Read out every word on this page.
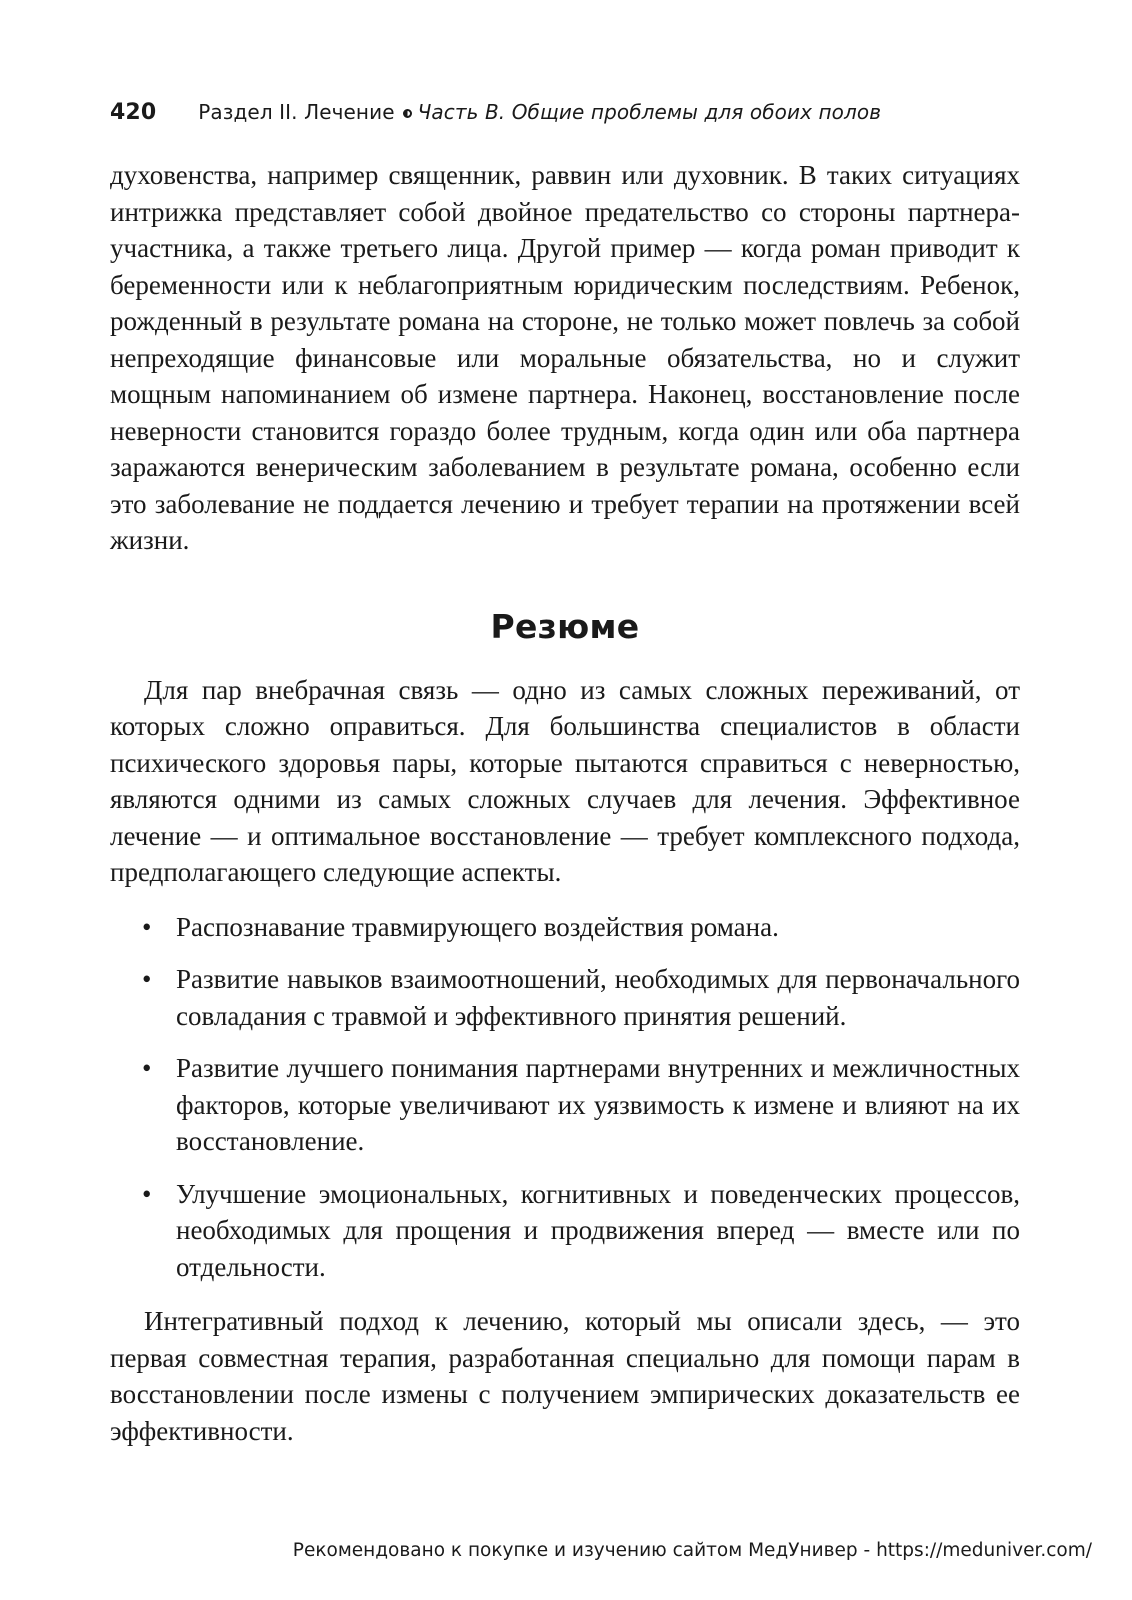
420 Раздел II. Лечение Часть В. Общие проблемы для обоих полов

духовенства, например священник, раввин или духовник. В таких ситуациях интрижка представляет собой двойное предательство со стороны партнера-участника, а также третьего лица. Другой пример — когда роман приводит к беременности или к неблагоприятным юридическим последствиям. Ребенок, рожденный в результате романа на стороне, не только может повлечь за собой непреходящие финансовые или моральные обязательства, но и служит мощным напоминанием об измене партнера. Наконец, восстановление после неверности становится гораздо более трудным, когда один или оба партнера заражаются венерическим заболеванием в результате романа, особенно если это заболевание не поддается лечению и требует терапии на протяжении всей жизни.

Резюме

Для пар внебрачная связь — одно из самых сложных переживаний, от которых сложно оправиться. Для большинства специалистов в области психического здоровья пары, которые пытаются справиться с неверностью, являются одними из самых сложных случаев для лечения. Эффективное лечение — и оптимальное восстановление — требует комплексного подхода, предполагающего следующие аспекты.

• Распознавание травмирующего воздействия романа.
• Развитие навыков взаимоотношений, необходимых для первоначального совладания с травмой и эффективного принятия решений.
• Развитие лучшего понимания партнерами внутренних и межличностных факторов, которые увеличивают их уязвимость к измене и влияют на их восстановление.
• Улучшение эмоциональных, когнитивных и поведенческих процессов, необходимых для прощения и продвижения вперед — вместе или по отдельности.

Интегративный подход к лечению, который мы описали здесь, — это первая совместная терапия, разработанная специально для помощи парам в восстановлении после измены с получением эмпирических доказательств ее эффективности.

Рекомендовано к покупке и изучению сайтом МедУнивер - https://meduniver.com/
